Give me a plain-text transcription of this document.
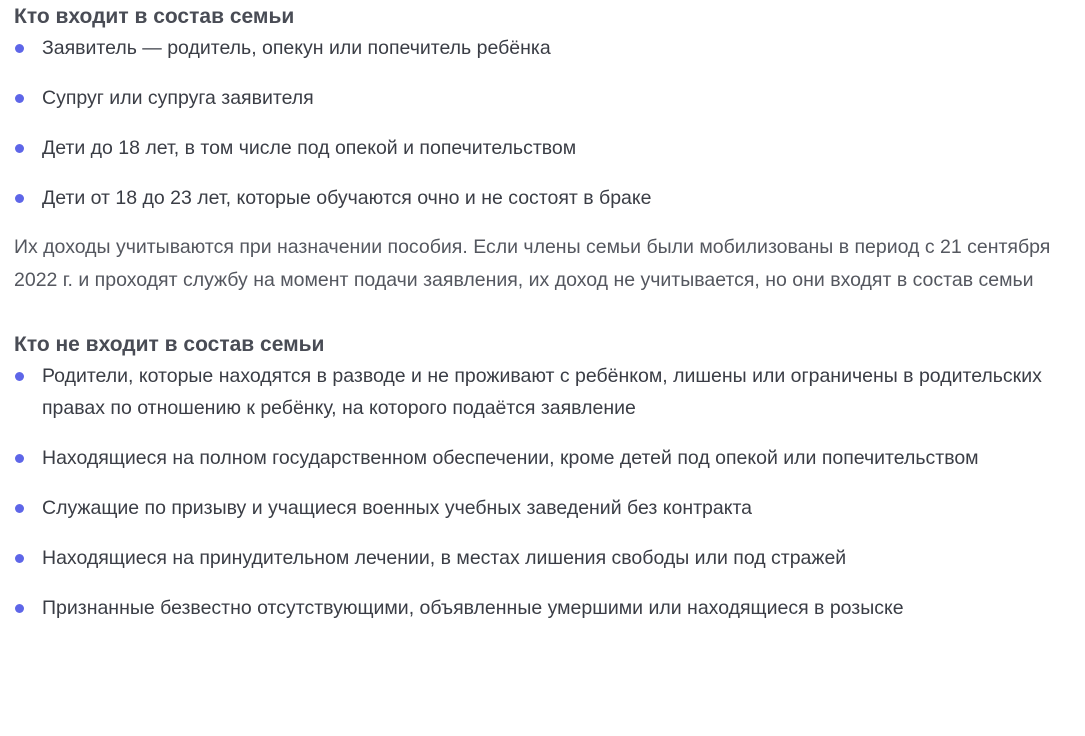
Кто входит в состав семьи
Заявитель — родитель, опекун или попечитель ребёнка
Супруг или супруга заявителя
Дети до 18 лет, в том числе под опекой и попечительством
Дети от 18 до 23 лет, которые обучаются очно и не состоят в браке

Их доходы учитываются при назначении пособия. Если члены семьи были мобилизованы в период с 21 сентября 2022 г. и проходят службу на момент подачи заявления, их доход не учитывается, но они входят в состав семьи

Кто не входит в состав семьи
Родители, которые находятся в разводе и не проживают с ребёнком, лишены или ограничены в родительских правах по отношению к ребёнку, на которого подаётся заявление
Находящиеся на полном государственном обеспечении, кроме детей под опекой или попечительством
Служащие по призыву и учащиеся военных учебных заведений без контракта
Находящиеся на принудительном лечении, в местах лишения свободы или под стражей
Признанные безвестно отсутствующими, объявленные умершими или находящиеся в розыске
